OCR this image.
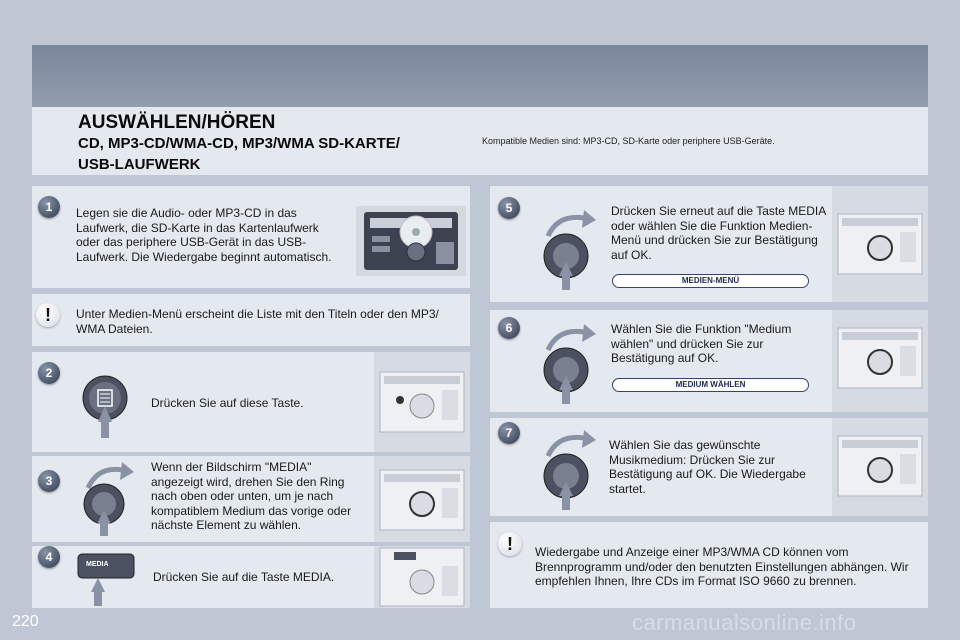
AUSWÄHLEN/HÖREN
CD, MP3-CD/WMA-CD, MP3/WMA SD-KARTE/
USB-LAUFWERK
Kompatible Medien sind: MP3-CD, SD-Karte oder periphere USB-Geräte.
1	Legen sie die Audio- oder MP3-CD in das Laufwerk, die SD-Karte in das Kartenlaufwerk oder das periphere USB-Gerät in das USB-Laufwerk. Die Wiedergabe beginnt automatisch.
!	Unter Medien-Menü erscheint die Liste mit den Titeln oder den MP3/ WMA Dateien.
2
Drücken Sie auf diese Taste.
3
Wenn der Bildschirm "MEDIA" angezeigt wird, drehen Sie den Ring nach oben oder unten, um je nach kompatiblem Medium das vorige oder nächste Element zu wählen.
4
MEDIA
Drücken Sie auf die Taste MEDIA.
5	Drücken Sie erneut auf die Taste MEDIA oder wählen Sie die Funktion Medien-Menü und drücken Sie zur Bestätigung auf OK.
MEDIEN-MENÜ
6	Wählen Sie die Funktion "Medium wählen" und drücken Sie zur Bestätigung auf OK.
MEDIUM WÄHLEN
7
Wählen Sie das gewünschte Musikmedium: Drücken Sie zur Bestätigung auf OK. Die Wiedergabe startet.
!	Wiedergabe und Anzeige einer MP3/WMA CD können vom Brennprogramm und/oder den benutzten Einstellungen abhängen. Wir empfehlen Ihnen, Ihre CDs im Format ISO 9660 zu brennen.
220	carmanualsonline.info
